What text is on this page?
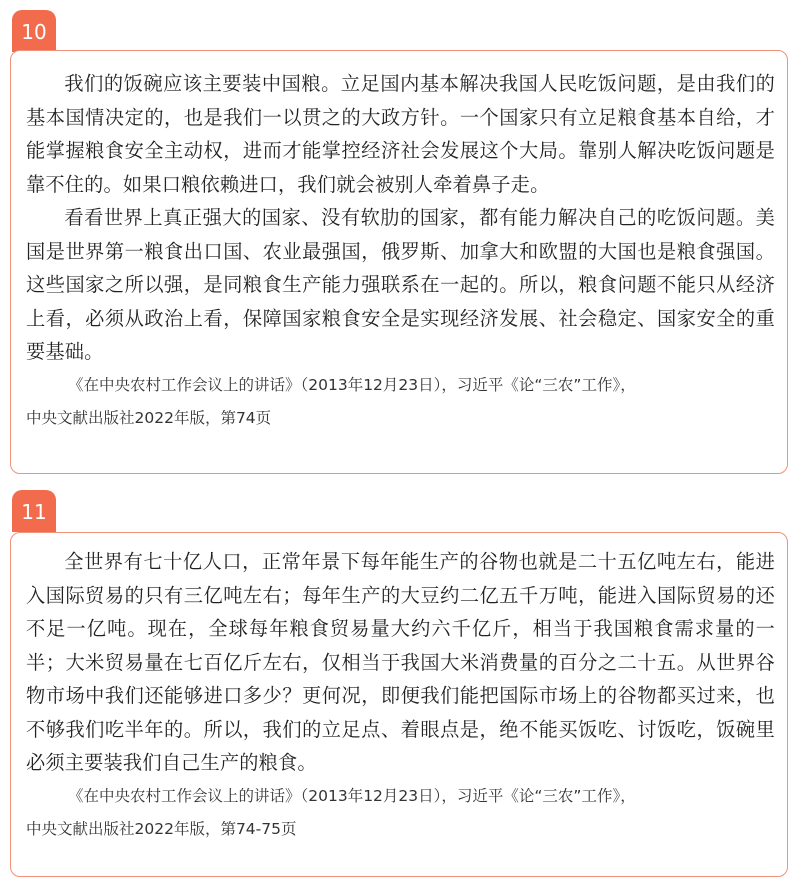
10

我们的饭碗应该主要装中国粮。立足国内基本解决我国人民吃饭问题，是由我们的基本国情决定的，也是我们一以贯之的大政方针。一个国家只有立足粮食基本自给，才能掌握粮食安全主动权，进而才能掌控经济社会发展这个大局。靠别人解决吃饭问题是靠不住的。如果口粮依赖进口，我们就会被别人牵着鼻子走。

看看世界上真正强大的国家、没有软肋的国家，都有能力解决自己的吃饭问题。美国是世界第一粮食出口国、农业最强国，俄罗斯、加拿大和欧盟的大国也是粮食强国。这些国家之所以强，是同粮食生产能力强联系在一起的。所以，粮食问题不能只从经济上看，必须从政治上看，保障国家粮食安全是实现经济发展、社会稳定、国家安全的重要基础。

《在中央农村工作会议上的讲话》（2013年12月23日），习近平《论“三农”工作》，
中央文献出版社2022年版，第74页

11

全世界有七十亿人口，正常年景下每年能生产的谷物也就是二十五亿吨左右，能进入国际贸易的只有三亿吨左右；每年生产的大豆约二亿五千万吨，能进入国际贸易的还不足一亿吨。现在，全球每年粮食贸易量大约六千亿斤，相当于我国粮食需求量的一半；大米贸易量在七百亿斤左右，仅相当于我国大米消费量的百分之二十五。从世界谷物市场中我们还能够进口多少？更何况，即便我们能把国际市场上的谷物都买过来，也不够我们吃半年的。所以，我们的立足点、着眼点是，绝不能买饭吃、讨饭吃，饭碗里必须主要装我们自己生产的粮食。

《在中央农村工作会议上的讲话》（2013年12月23日），习近平《论“三农”工作》，
中央文献出版社2022年版，第74-75页
